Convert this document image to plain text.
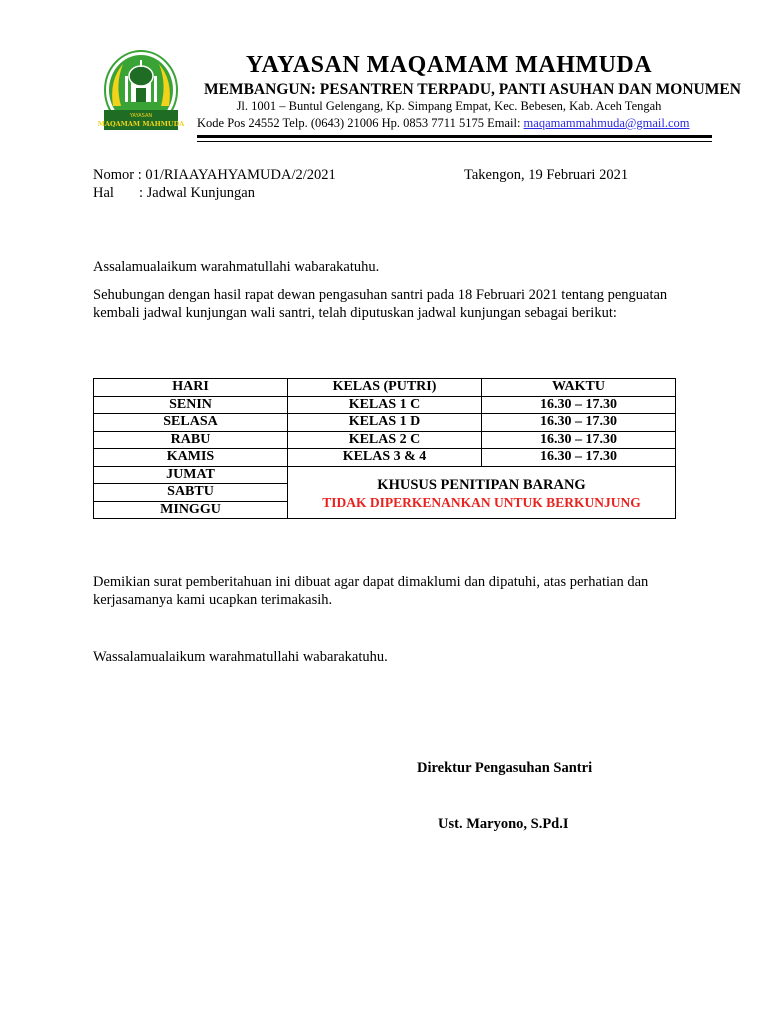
YAYASAN
MAQAMAM MAHMUDA
YAYASAN MAQAMAM MAHMUDA
MEMBANGUN: PESANTREN TERPADU, PANTI ASUHAN DAN MONUMEN
Jl. 1001 – Buntul Gelengang, Kp. Simpang Empat, Kec. Bebesen, Kab. Aceh Tengah
Kode Pos 24552 Telp. (0643) 21006 Hp. 0853 7711 5175 Email: maqamammahmuda@gmail.com
Nomor : 01/RIAAYAHYAMUDA/2/2021
Hal : Jadwal Kunjungan
Takengon, 19 Februari 2021
Assalamualaikum warahmatullahi wabarakatuhu.
Sehubungan dengan hasil rapat dewan pengasuhan santri pada 18 Februari 2021 tentang penguatan kembali jadwal kunjungan wali santri, telah diputuskan jadwal kunjungan sebagai berikut:
HARI	KELAS (PUTRI)	WAKTU
SENIN	KELAS 1 C	16.30 – 17.30
SELASA	KELAS 1 D	16.30 – 17.30
RABU	KELAS 2 C	16.30 – 17.30
KAMIS	KELAS 3 & 4	16.30 – 17.30
JUMAT	KHUSUS PENITIPAN BARANG
TIDAK DIPERKENANKAN UNTUK BERKUNJUNG	

SABTU		
MINGGU		
Demikian surat pemberitahuan ini dibuat agar dapat dimaklumi dan dipatuhi, atas perhatian dan kerjasamanya kami ucapkan terimakasih.
Wassalamualaikum warahmatullahi wabarakatuhu.
Direktur Pengasuhan Santri
Ust. Maryono, S.Pd.I
